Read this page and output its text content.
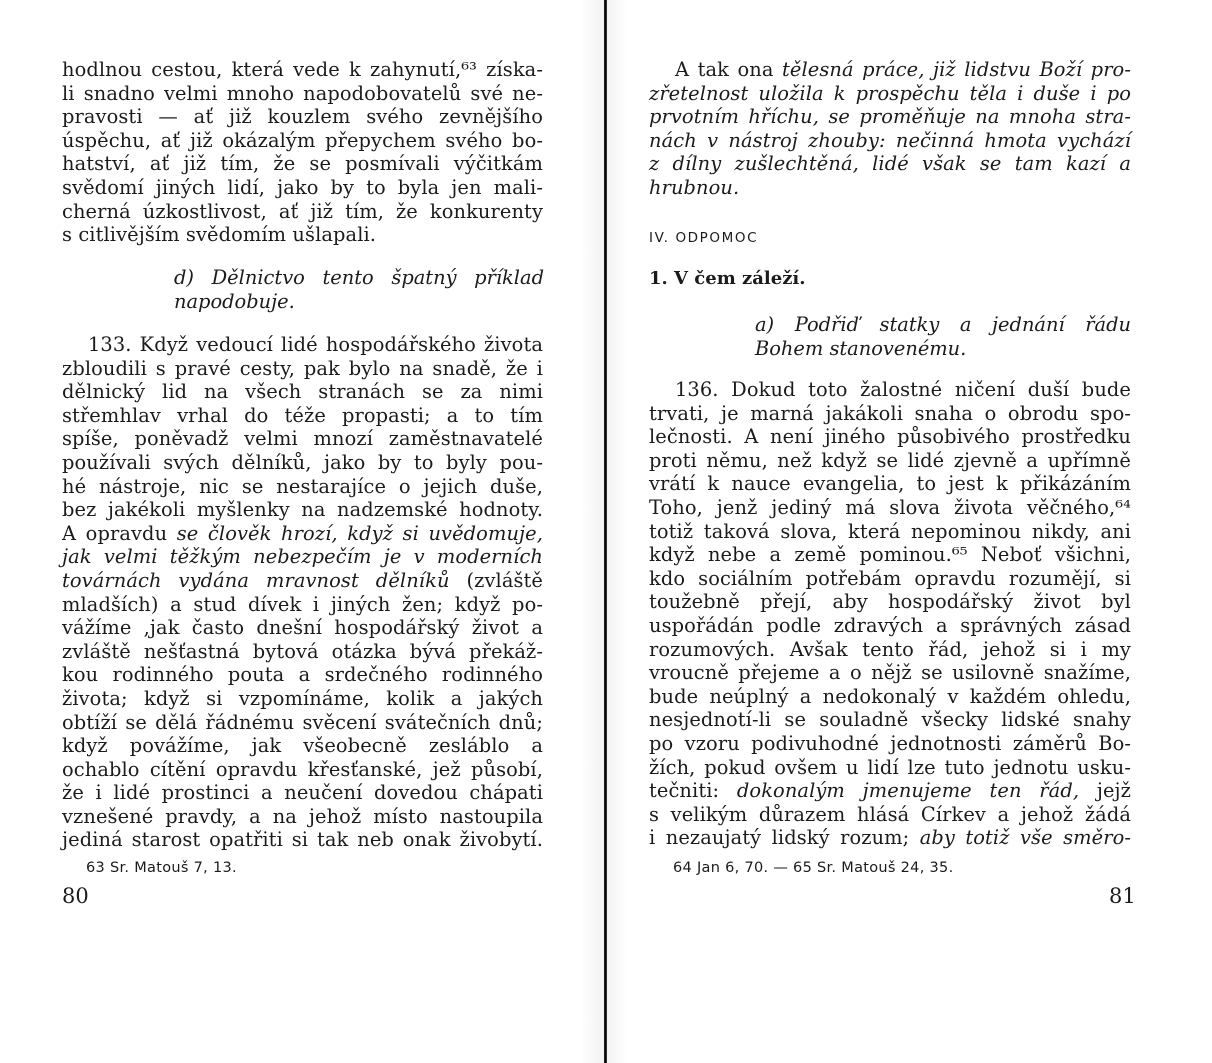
hodlnou cestou, která vede k zahynutí,⁶³ získa-
li snadno velmi mnoho napodobovatelů své ne-
pravosti — ať již kouzlem svého zevnějšího
úspěchu, ať již okázalým přepychem svého bo-
hatství, ať již tím, že se posmívali výčitkám
svědomí jiných lidí, jako by to byla jen mali-
cherná úzkostlivost, ať již tím, že konkurenty
s citlivějším svědomím ušlapali.

d) Dělnictvo tento špatný příklad
napodobuje.

133. Když vedoucí lidé hospodářského života
zbloudili s pravé cesty, pak bylo na snadě, že i
dělnický lid na všech stranách se za nimi
střemhlav vrhal do téže propasti; a to tím
spíše, poněvadž velmi mnozí zaměstnavatelé
používali svých dělníků, jako by to byly pou-
hé nástroje, nic se nestarajíce o jejich duše,
bez jakékoli myšlenky na nadzemské hodnoty.
A opravdu se člověk hrozí, když si uvědomuje,
jak velmi těžkým nebezpečím je v moderních
továrnách vydána mravnost dělníků (zvláště
mladších) a stud dívek i jiných žen; když po-
vážíme ,jak často dnešní hospodářský život a
zvláště nešťastná bytová otázka bývá překáž-
kou rodinného pouta a srdečného rodinného
života; když si vzpomínáme, kolik a jakých
obtíží se dělá řádnému svěcení svátečních dnů;
když povážíme, jak všeobecně zesláblo a
ochablo cítění opravdu křesťanské, jež působí,
že i lidé prostinci a neučení dovedou chápati
vznešené pravdy, a na jehož místo nastoupila
jediná starost opatřiti si tak neb onak živobytí.

63 Sr. Matouš 7, 13.
80

A tak ona tělesná práce, již lidstvu Boží pro-
zřetelnost uložila k prospěchu těla i duše i po
prvotním hříchu, se proměňuje na mnoha stra-
nách v nástroj zhouby: nečinná hmota vychází
z dílny zušlechtěná, lidé však se tam kazí a
hrubnou.

IV. ODPOMOC
1. V čem záleží.
a) Podřiď statky a jednání řádu
Bohem stanovenému.

136. Dokud toto žalostné ničení duší bude
trvati, je marná jakákoli snaha o obrodu spo-
lečnosti. A není jiného působivého prostředku
proti němu, než když se lidé zjevně a upřímně
vrátí k nauce evangelia, to jest k přikázáním
Toho, jenž jediný má slova života věčného,⁶⁴
totiž taková slova, která nepominou nikdy, ani
když nebe a země pominou.⁶⁵ Neboť všichni,
kdo sociálním potřebám opravdu rozumějí, si
toužebně přejí, aby hospodářský život byl
uspořádán podle zdravých a správných zásad
rozumových. Avšak tento řád, jehož si i my
vroucně přejeme a o nějž se usilovně snažíme,
bude neúplný a nedokonalý v každém ohledu,
nesjednotí-li se souladně všecky lidské snahy
po vzoru podivuhodné jednotnosti záměrů Bo-
žích, pokud ovšem u lidí lze tuto jednotu usku-
tečniti: dokonalým jmenujeme ten řád, jejž
s velikým důrazem hlásá Církev a jehož žádá
i nezaujatý lidský rozum; aby totiž vše směro-

64 Jan 6, 70. — 65 Sr. Matouš 24, 35.
81
